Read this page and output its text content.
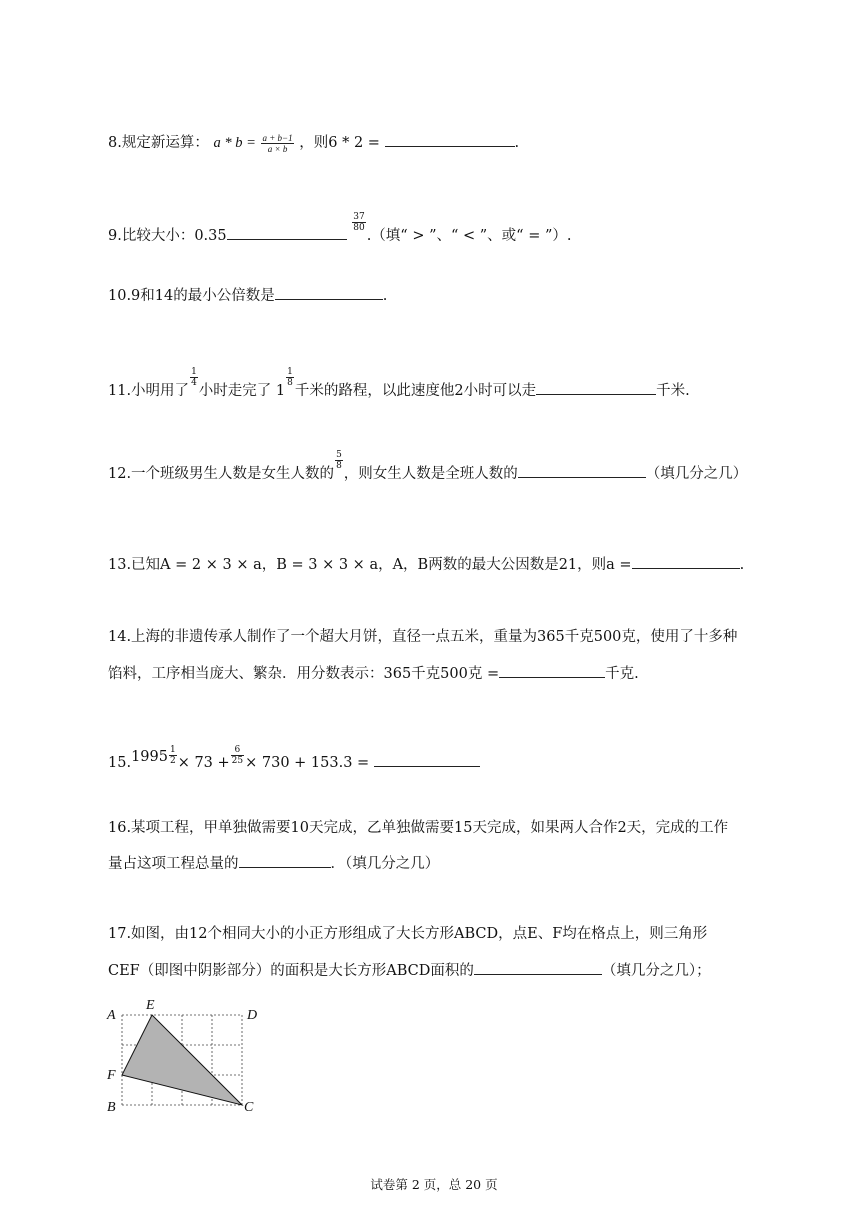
8.规定新运算： $a * b = \frac{a + b-1}{a \times b}$ ，则6 * 2 =	.
9.比较大小：0.35
$\frac{37}{80}$
.（填“ > ”、“ < ”、或“ = ”）.
10.9和14的最小公倍数是	.
11.小明用了
$\frac{1}{4}$
小时走完了 1
$\frac{1}{8}$
千米的路程，以此速度他2小时可以走	千米.
12.一个班级男生人数是女生人数的
$\frac{5}{8}$
，则女生人数是全班人数的	（填几分之几）
13.已知A = 2 × 3 × a，B = 3 × 3 × a，A，B两数的最大公因数是21，则a =	.
14.上海的非遗传承人制作了一个超大月饼，直径一点五米，重量为365千克500克，使用了十多种
馅料，工序相当庞大、繁杂．用分数表示：365千克500克 =	千克.
$15.1995 \frac{1}{2} \times 73 + \frac{6}{25} \times 730 + 153.3$ =
16.某项工程，甲单独做需要10天完成，乙单独做需要15天完成，如果两人合作2天，完成的工作
量占这项工程总量的	．（填几分之几）
17.如图，由12个相同大小的小正方形组成了大长方形ABCD，点E、F均在格点上，则三角形
CEF（即图中阴影部分）的面积是大长方形ABCD面积的	（填几分之几）；
A
E
D
F
B	C
试卷第 2 页，总 20 页
